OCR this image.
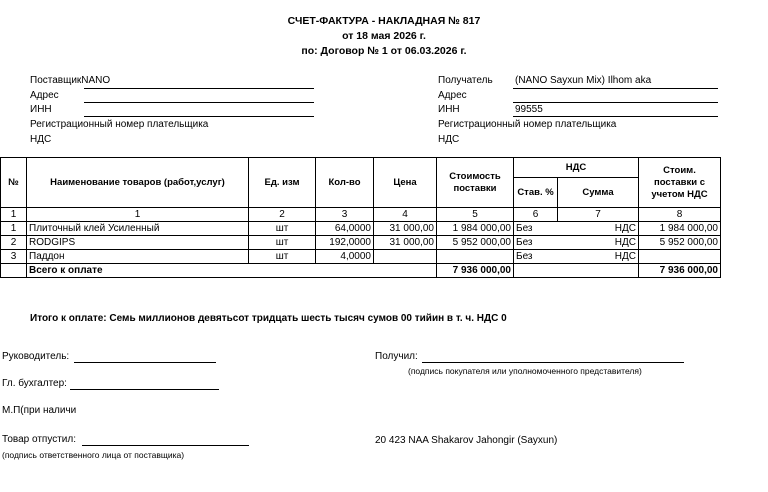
СЧЕТ-ФАКТУРА - НАКЛАДНАЯ № 817
от 18 мая 2026 г.
по: Договор № 1 от 06.03.2026 г.
ПоставщикNANO
Адрес
ИНН
Регистрационный номер плательщика
НДС
Получатель (NANO Sayxun Mix) Ilhom aka
Адрес
ИНН	99555
Регистрационный номер плательщика
НДС
№	Наименование товаров (работ,услуг)	Ед. изм	Кол-во	Цена	Стоимость поставки	НДС		Стоим. поставки с учетом НДС
						Став. %	Сумма	
1	1	2	3	4	5	6	7	8
1	Плиточный клей Усиленный	шт	64,0000	31 000,00	1 984 000,00	Без	НДС	1 984 000,00
2	RODGIPS	шт	192,0000	31 000,00	5 952 000,00	Без	НДС	5 952 000,00
3	Паддон	шт	4,0000			Без	НДС	
	Всего к оплате				7 936 000,00			7 936 000,00
Итого к оплате: Семь миллионов девятьсот тридцать шесть тысяч сумов 00 тийин в т. ч. НДС 0
Руководитель:
Гл. бухгалтер:
М.П(при наличи
Товар отпустил:
(подпись ответственного лица от поставщика)
Получил:
(подпись покупателя или уполномоченного представителя)
20 423 NAA Shakarov Jahongir (Sayxun)
